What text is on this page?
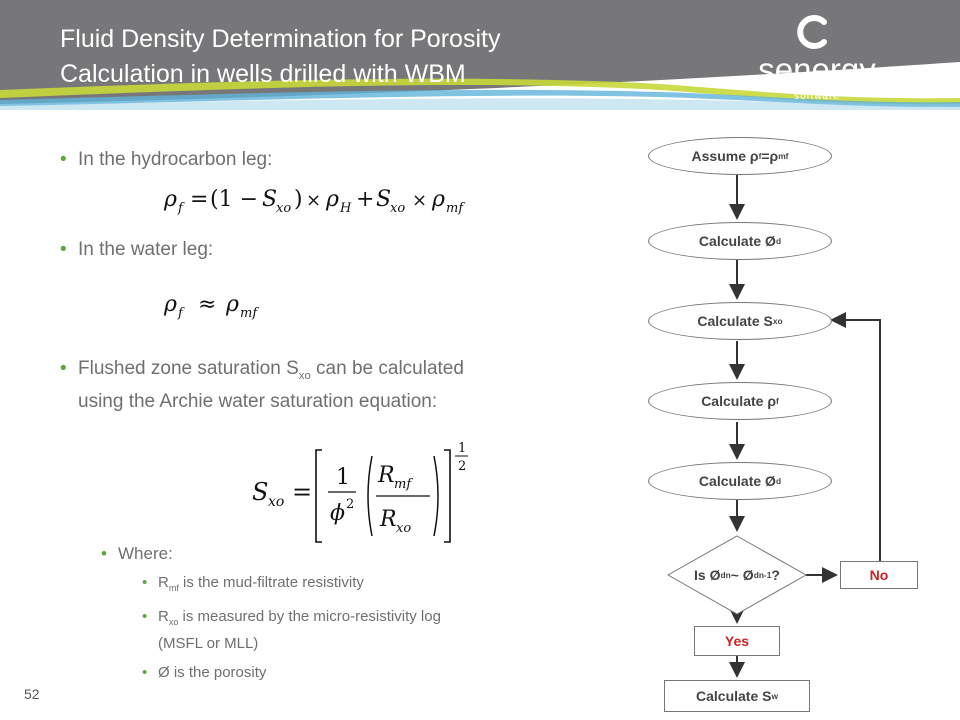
Fluid Density Determination for Porosity
Calculation in wells drilled with WBM	senergy
software
• In the hydrocarbon leg:
ρ f = (1 − S
xo ) × ρ H + S
xo × ρ mf
• In the water leg:
ρ f ≈ ρ mf
• Flushed zone saturation $S_{xo}$ can be calculated
using the Archie water saturation equation:
S xo =
1
ϕ 2
R mf
R xo
1
2
• Where:
• $R_{mf}$ is the mud-filtrate resistivity
• $R_{xo}$ is measured by the micro-resistivity log
(MSFL or MLL)
• Ø is the porosity
52
Assume ρ f =ρ mf
Calculate Ø d
Calculate S xo
Calculate ρ f
Calculate Ø d
Is Ø dn ~ Ø dn-1 ?	No
Yes
Calculate S w
